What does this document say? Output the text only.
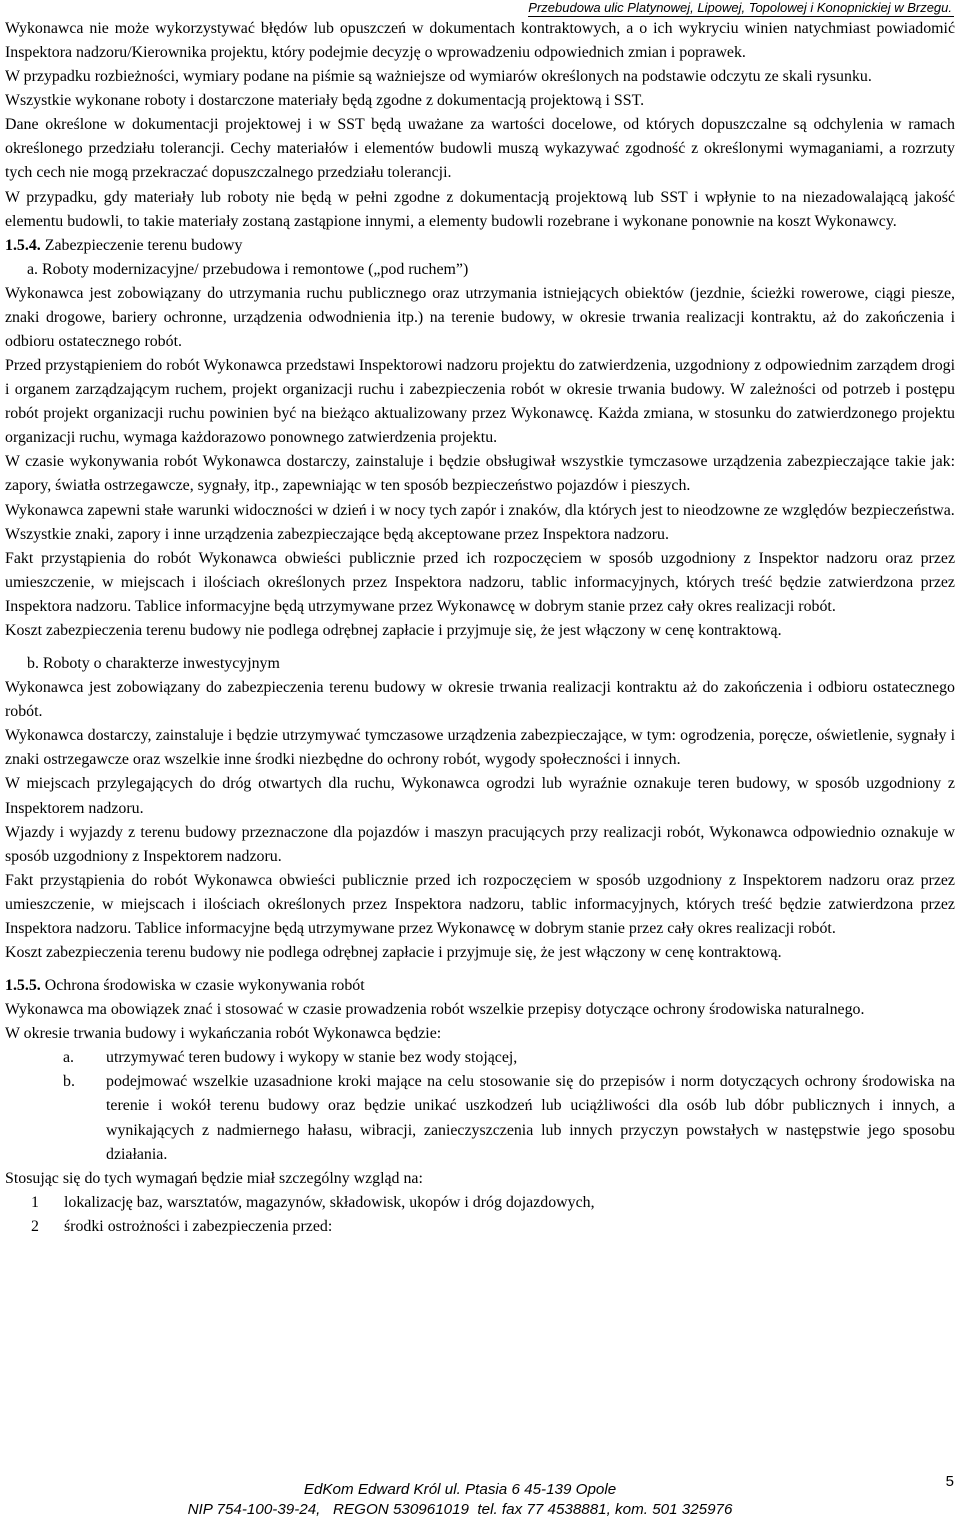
Przebudowa ulic Platynowej, Lipowej, Topolowej i Konopnickiej w Brzegu.

Wykonawca nie może wykorzystywać błędów lub opuszczeń w dokumentach kontraktowych, a o ich wykryciu winien natychmiast powiadomić Inspektora nadzoru/Kierownika projektu, który podejmie decyzję o wprowadzeniu odpowiednich zmian i poprawek.

W przypadku rozbieżności, wymiary podane na piśmie są ważniejsze od wymiarów określonych na podstawie odczytu ze skali rysunku.

Wszystkie wykonane roboty i dostarczone materiały będą zgodne z dokumentacją projektową i SST.

Dane określone w dokumentacji projektowej i w SST będą uważane za wartości docelowe, od których dopuszczalne są odchylenia w ramach określonego przedziału tolerancji. Cechy materiałów i elementów budowli muszą wykazywać zgodność z określonymi wymaganiami, a rozrzuty tych cech nie mogą przekraczać dopuszczalnego przedziału tolerancji.

W przypadku, gdy materiały lub roboty nie będą w pełni zgodne z dokumentacją projektową lub SST i wpłynie to na niezadowalającą jakość elementu budowli, to takie materiały zostaną zastąpione innymi, a elementy budowli rozebrane i wykonane ponownie na koszt Wykonawcy.

1.5.4. Zabezpieczenie terenu budowy

a. Roboty modernizacyjne/ przebudowa i remontowe („pod ruchem”)

Wykonawca jest zobowiązany do utrzymania ruchu publicznego oraz utrzymania istniejących obiektów (jezdnie, ścieżki rowerowe, ciągi piesze, znaki drogowe, bariery ochronne, urządzenia odwodnienia itp.) na terenie budowy, w okresie trwania realizacji kontraktu, aż do zakończenia i odbioru ostatecznego robót.

Przed przystąpieniem do robót Wykonawca przedstawi Inspektorowi nadzoru projektu do zatwierdzenia, uzgodniony z odpowiednim zarządem drogi i organem zarządzającym ruchem, projekt organizacji ruchu i zabezpieczenia robót w okresie trwania budowy. W zależności od potrzeb i postępu robót projekt organizacji ruchu powinien być na bieżąco aktualizowany przez Wykonawcę. Każda zmiana, w stosunku do zatwierdzonego projektu organizacji ruchu, wymaga każdorazowo ponownego zatwierdzenia projektu.

W czasie wykonywania robót Wykonawca dostarczy, zainstaluje i będzie obsługiwał wszystkie tymczasowe urządzenia zabezpieczające takie jak: zapory, światła ostrzegawcze, sygnały, itp., zapewniając w ten sposób bezpieczeństwo pojazdów i pieszych.

Wykonawca zapewni stałe warunki widoczności w dzień i w nocy tych zapór i znaków, dla których jest to nieodzowne ze względów bezpieczeństwa.

Wszystkie znaki, zapory i inne urządzenia zabezpieczające będą akceptowane przez Inspektora nadzoru.

Fakt przystąpienia do robót Wykonawca obwieści publicznie przed ich rozpoczęciem w sposób uzgodniony z Inspektor nadzoru oraz przez umieszczenie, w miejscach i ilościach określonych przez Inspektora nadzoru, tablic informacyjnych, których treść będzie zatwierdzona przez Inspektora nadzoru. Tablice informacyjne będą utrzymywane przez Wykonawcę w dobrym stanie przez cały okres realizacji robót.

Koszt zabezpieczenia terenu budowy nie podlega odrębnej zapłacie i przyjmuje się, że jest włączony w cenę kontraktową.

b. Roboty o charakterze inwestycyjnym

Wykonawca jest zobowiązany do zabezpieczenia terenu budowy w okresie trwania realizacji kontraktu aż do zakończenia i odbioru ostatecznego robót.

Wykonawca dostarczy, zainstaluje i będzie utrzymywać tymczasowe urządzenia zabezpieczające, w tym: ogrodzenia, poręcze, oświetlenie, sygnały i znaki ostrzegawcze oraz wszelkie inne środki niezbędne do ochrony robót, wygody społeczności i innych.

W miejscach przylegających do dróg otwartych dla ruchu, Wykonawca ogrodzi lub wyraźnie oznakuje teren budowy, w sposób uzgodniony z Inspektorem nadzoru.

Wjazdy i wyjazdy z terenu budowy przeznaczone dla pojazdów i maszyn pracujących przy realizacji robót, Wykonawca odpowiednio oznakuje w sposób uzgodniony z Inspektorem nadzoru.

Fakt przystąpienia do robót Wykonawca obwieści publicznie przed ich rozpoczęciem w sposób uzgodniony z Inspektorem nadzoru oraz przez umieszczenie, w miejscach i ilościach określonych przez Inspektora nadzoru, tablic informacyjnych, których treść będzie zatwierdzona przez Inspektora nadzoru. Tablice informacyjne będą utrzymywane przez Wykonawcę w dobrym stanie przez cały okres realizacji robót.

Koszt zabezpieczenia terenu budowy nie podlega odrębnej zapłacie i przyjmuje się, że jest włączony w cenę kontraktową.

1.5.5. Ochrona środowiska w czasie wykonywania robót

Wykonawca ma obowiązek znać i stosować w czasie prowadzenia robót wszelkie przepisy dotyczące ochrony środowiska naturalnego.

W okresie trwania budowy i wykańczania robót Wykonawca będzie:

a.	utrzymywać teren budowy i wykopy w stanie bez wody stojącej,
b.	podejmować wszelkie uzasadnione kroki mające na celu stosowanie się do przepisów i norm dotyczących ochrony środowiska na terenie i wokół terenu budowy oraz będzie unikać uszkodzeń lub uciążliwości dla osób lub dóbr publicznych i innych, a wynikających z nadmiernego hałasu, wibracji, zanieczyszczenia lub innych przyczyn powstałych w następstwie jego sposobu działania.

Stosując się do tych wymagań będzie miał szczególny wzgląd na:

1	lokalizację baz, warsztatów, magazynów, składowisk, ukopów i dróg dojazdowych,
2	środki ostrożności i zabezpieczenia przed:
EdKom Edward Król ul. Ptasia 6 45-139 Opole
NIP 754-100-39-24,   REGON 530961019  tel. fax 77 4538881, kom. 501 325976
5
